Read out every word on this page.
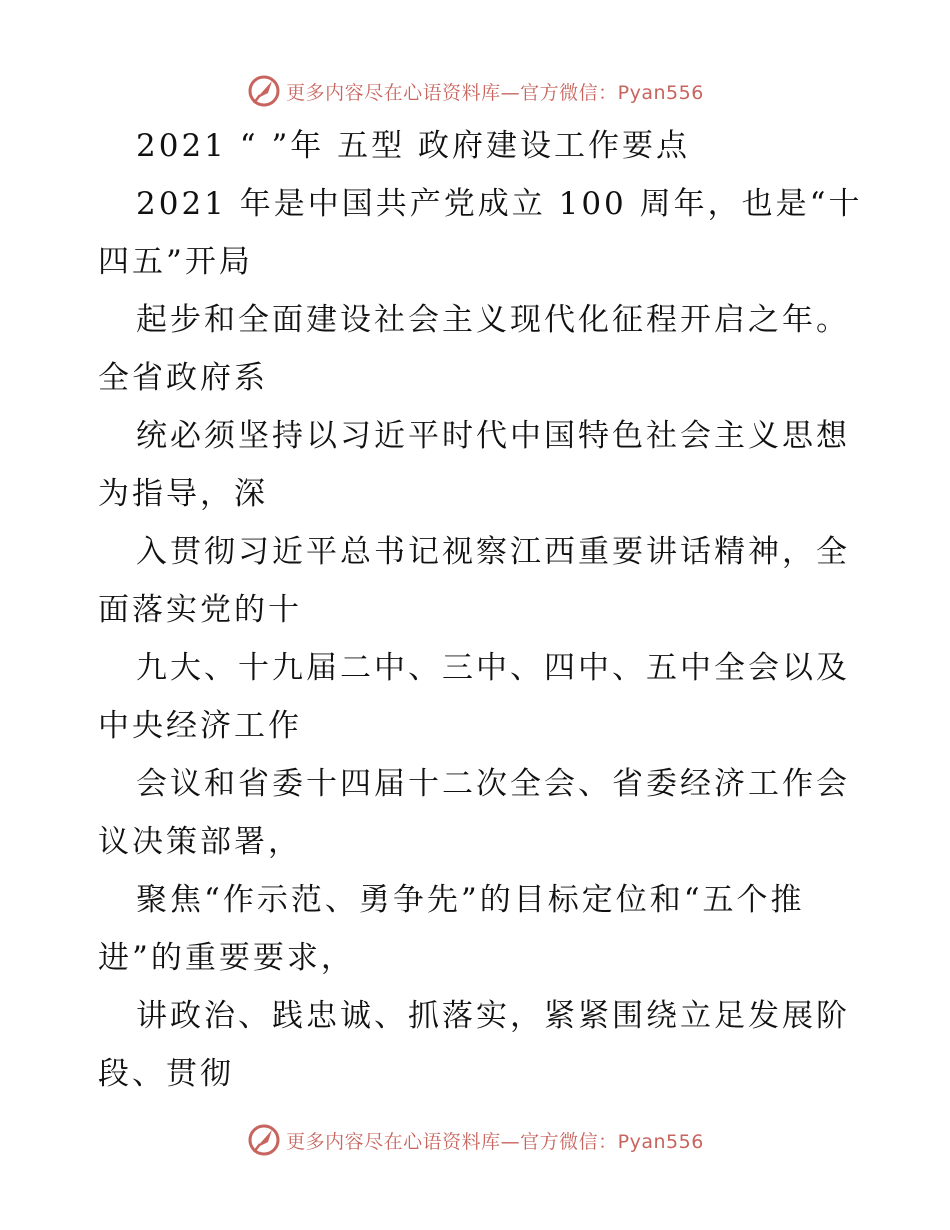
更多内容尽在心语资料库—官方微信：Pyan556
2021 “ ”年 五型 政府建设工作要点
2021 年是中国共产党成立 100 周年，也是“十
四五”开局
起步和全面建设社会主义现代化征程开启之年。
全省政府系
统必须坚持以习近平时代中国特色社会主义思想
为指导，深
入贯彻习近平总书记视察江西重要讲话精神，全
面落实党的十
九大、十九届二中、三中、四中、五中全会以及
中央经济工作
会议和省委十四届十二次全会、省委经济工作会
议决策部署，
聚焦“作示范、勇争先”的目标定位和“五个推
进”的重要要求，
讲政治、践忠诚、抓落实，紧紧围绕立足发展阶
段、贯彻
更多内容尽在心语资料库—官方微信：Pyan556
